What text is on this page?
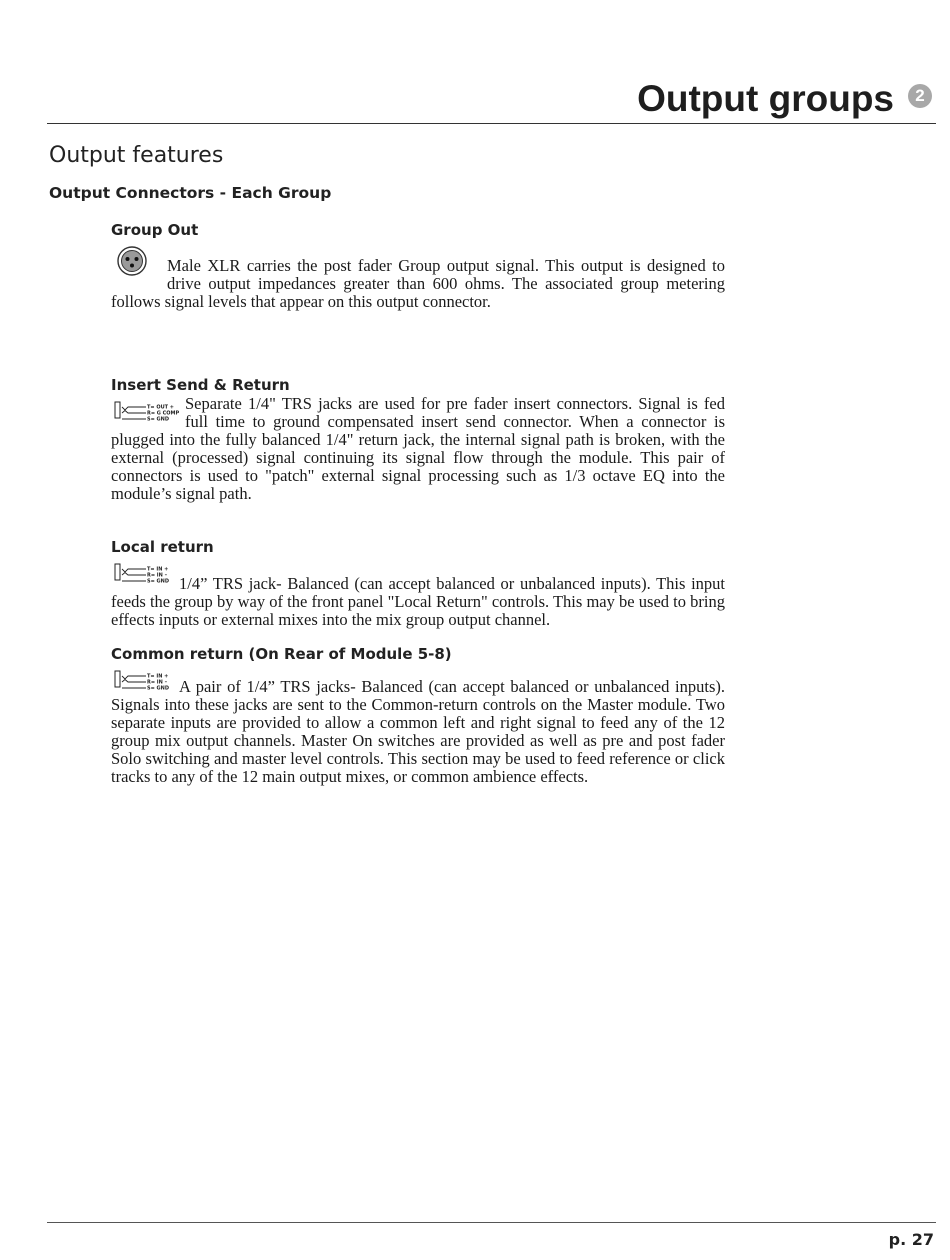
Output groups	2
Output features
Output Connectors - Each Group
Group Out

Male XLR carries the post fader Group output signal. This output is designed to drive output impedances greater than 600 ohms. The associated group metering follows signal levels that appear on this output connector.

Insert Send & Return
T= OUT +
R= G COMP
S= GND

Separate 1/4" TRS jacks are used for pre fader insert connectors. Signal is fed full time to ground compensated insert send connector. When a connector is plugged into the fully balanced 1/4" return jack, the internal signal path is broken, with the external (processed) signal continuing its signal flow through the module. This pair of connectors is used to "patch" external signal processing such as 1/3 octave EQ into the module’s signal path.

Local return
T= IN +
R= IN –
S= GND 1/4” TRS jack- Balanced (can accept balanced or unbalanced inputs). This input feeds the group by way of the front panel "Local Return" controls. This may be used to bring effects inputs or external mixes into the mix group output channel.

Common return (On Rear of Module 5-8)
T= IN +
R= IN –
S= GND A pair of 1/4” TRS jacks- Balanced (can accept balanced or unbalanced inputs). Signals into these jacks are sent to the Common-return controls on the Master module. Two separate inputs are provided to allow a common left and right signal to feed any of the 12 group mix output channels. Master On switches are provided as well as pre and post fader Solo switching and master level controls. This section may be used to feed reference or click tracks to any of the 12 main output mixes, or common ambience effects.

p. 27
